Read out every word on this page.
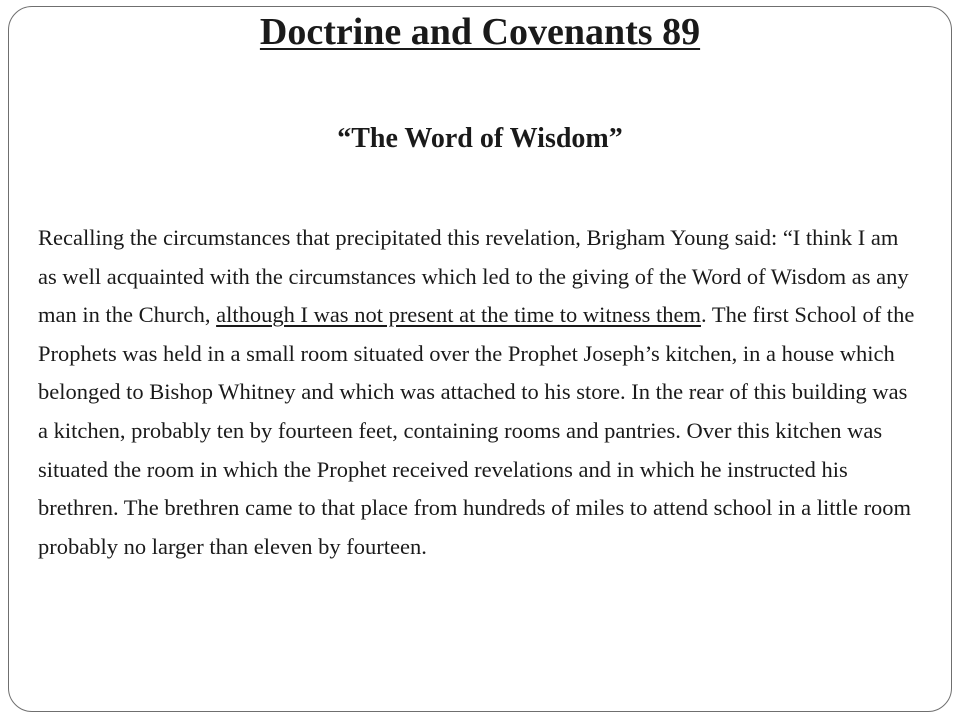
Doctrine and Covenants 89
“The Word of Wisdom”

Recalling the circumstances that precipitated this revelation, Brigham Young said: “I think I am as well acquainted with the circumstances which led to the giving of the Word of Wisdom as any man in the Church, although I was not present at the time to witness them. The first School of the Prophets was held in a small room situated over the Prophet Joseph’s kitchen, in a house which belonged to Bishop Whitney and which was attached to his store. In the rear of this building was a kitchen, probably ten by fourteen feet, containing rooms and pantries. Over this kitchen was situated the room in which the Prophet received revelations and in which he instructed his brethren. The brethren came to that place from hundreds of miles to attend school in a little room probably no larger than eleven by fourteen.
